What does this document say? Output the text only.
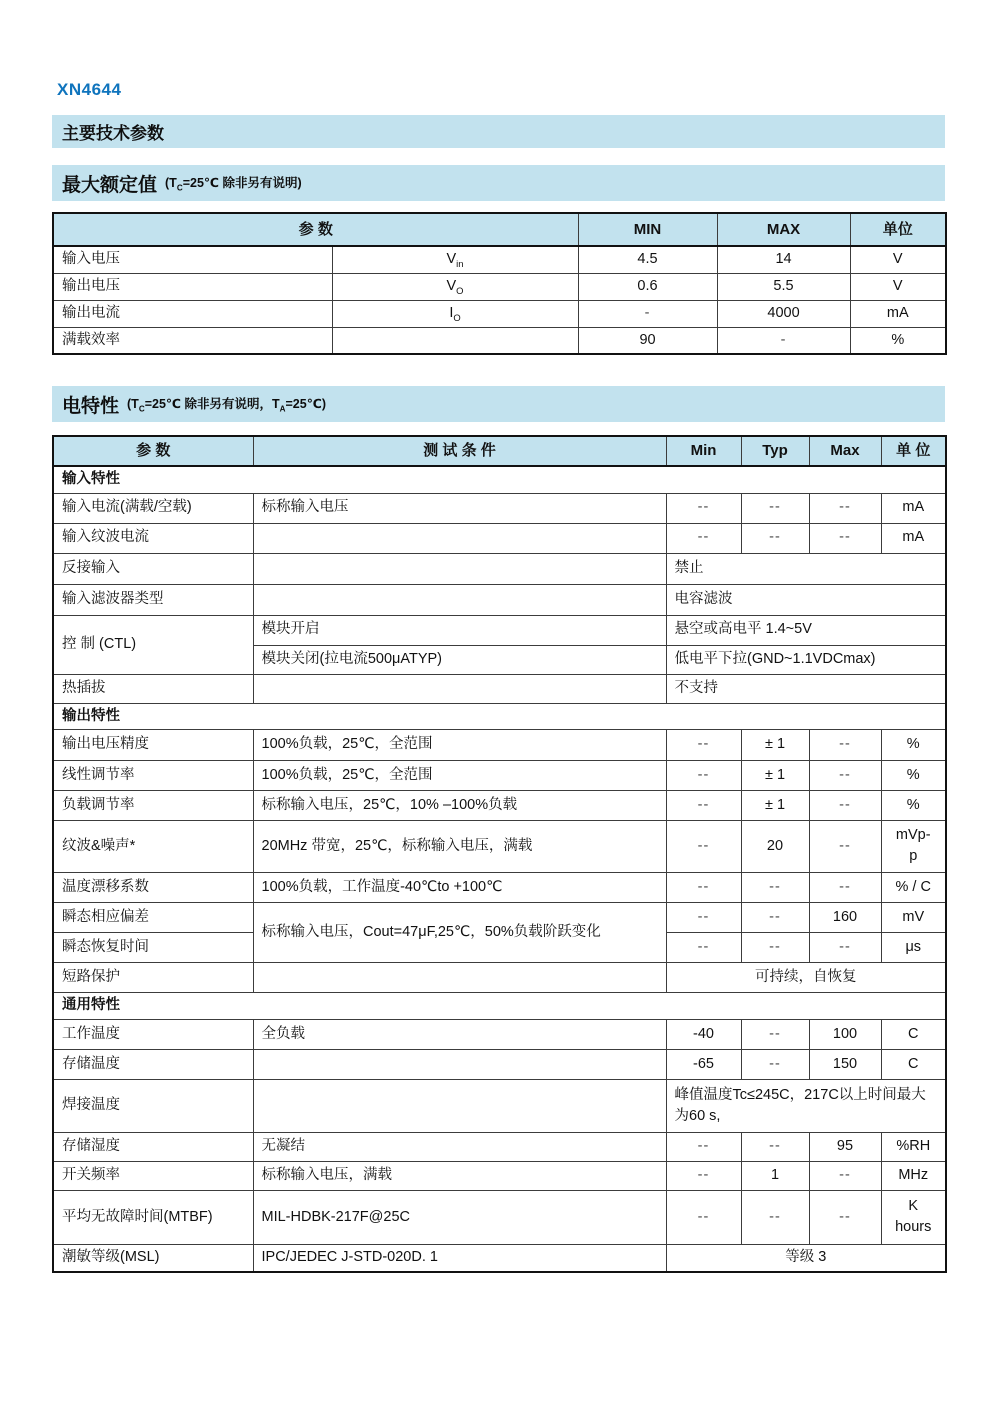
XN4644
主要技术参数
最大额定值 ($T_C=25℃$ 除非另有说明)
参 数		MIN	MAX	单位
输入电压	$V_{in}$	4.5	14	V
输出电压	$V_O$	0.6	5.5	V
输出电流	$I_O$	-	4000	mA
满载效率		90	-	%
电特性 ($T_C=25℃$ 除非另有说明，$T_A=25℃$)
参 数	测 试 条 件	Min	Typ	Max	单 位
输入特性					
输入电流(满载/空载)	标称输入电压	--	--	--	mA
输入纹波电流		--	--	--	mA
反接输入		禁止			
输入滤波器类型		电容滤波			
控 制 (CTL)	模块开启	悬空或高电平 1.4~5V			
	模块关闭(拉电流500μATYP)	低电平下拉(GND~1.1VDCmax)			
热插拔		不支持			
输出特性					
输出电压精度	100%负载，25℃，全范围	--	± 1	--	%
线性调节率	100%负载，25℃，全范围	--	± 1	--	%
负载调节率	标称输入电压，25℃，10% –100%负载	--	± 1	--	%
纹波&噪声*	20MHz 带宽，25℃，标称输入电压，满载	--	20	--	mVp-
p
温度漂移系数	100%负载，工作温度-40℃to +100℃	--	--	--	% / C
瞬态相应偏差	标称输入电压，Cout=47μF,25℃，50%负载阶跃变化	--	--	160	mV
瞬态恢复时间		--	--	--	μs
短路保护		可持续，自恢复			
通用特性					
工作温度	全负载	-40	--	100	C
存储温度		-65	--	150	C
焊接温度		峰值温度Tc≤245C，217C以上时间最大为60 s,			
存储湿度	无凝结	--	--	95	%RH
开关频率	标称输入电压，满载	--	1	--	MHz
平均无故障时间(MTBF)	MIL-HDBK-217F@25C	--	--	--	K
hours
潮敏等级(MSL)	IPC/JEDEC J-STD-020D. 1	等级 3			
